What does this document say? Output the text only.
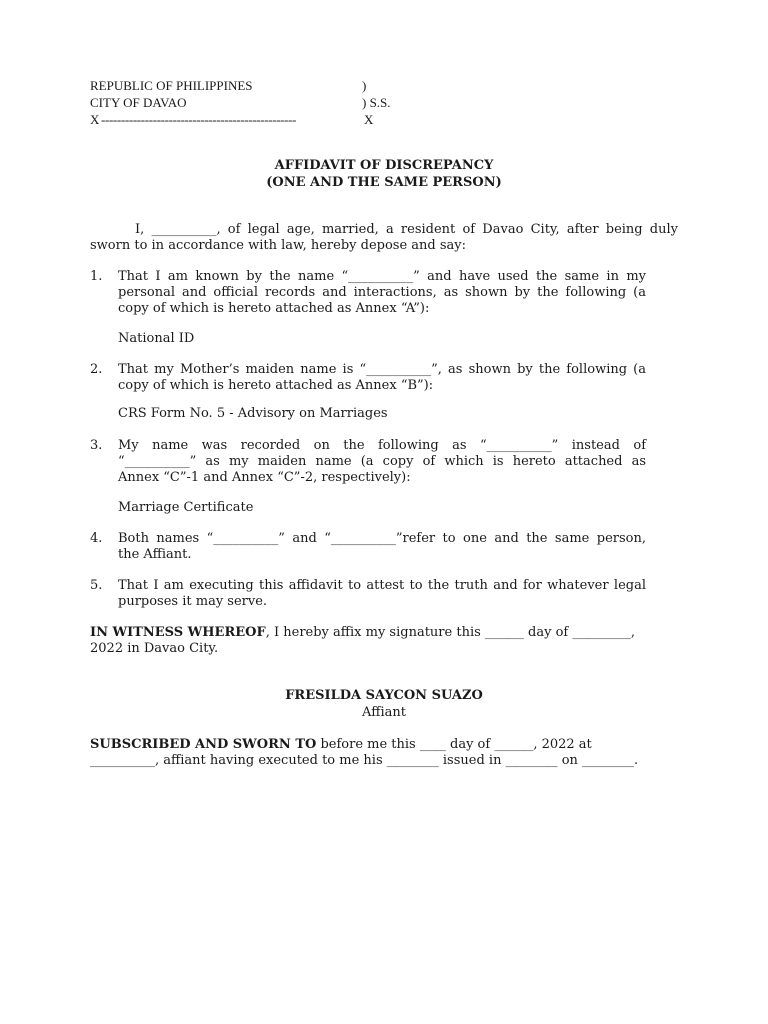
REPUBLIC OF PHILIPPINES	)
CITY OF DAVAO	) S.S.
X -------------------------------------------------	X
AFFIDAVIT OF DISCREPANCY
(ONE AND THE SAME PERSON)
I, __________, of legal age, married, a resident of Davao City, after being duly
sworn to in accordance with law, hereby depose and say:
1. That I am known by the name “__________” and have used the same in my
personal and official records and interactions, as shown by the following (a
copy of which is hereto attached as Annex “A”):
National ID
2. That my Mother’s maiden name is “__________”, as shown by the following (a
copy of which is hereto attached as Annex “B”):
CRS Form No. 5 - Advisory on Marriages
3. My name was recorded on the following as “__________” instead of
“__________” as my maiden name (a copy of which is hereto attached as
Annex “C”-1 and Annex “C”-2, respectively):
Marriage Certificate
4. Both names “__________” and “__________”refer to one and the same person,
the Affiant.
5. That I am executing this affidavit to attest to the truth and for whatever legal
purposes it may serve.
IN WITNESS WHEREOF, I hereby affix my signature this ______ day of _________,
2022 in Davao City.
FRESILDA SAYCON SUAZO
Affiant
SUBSCRIBED AND SWORN TO before me this ____ day of ______, 2022 at
__________, affiant having executed to me his ________ issued in ________ on ________.
